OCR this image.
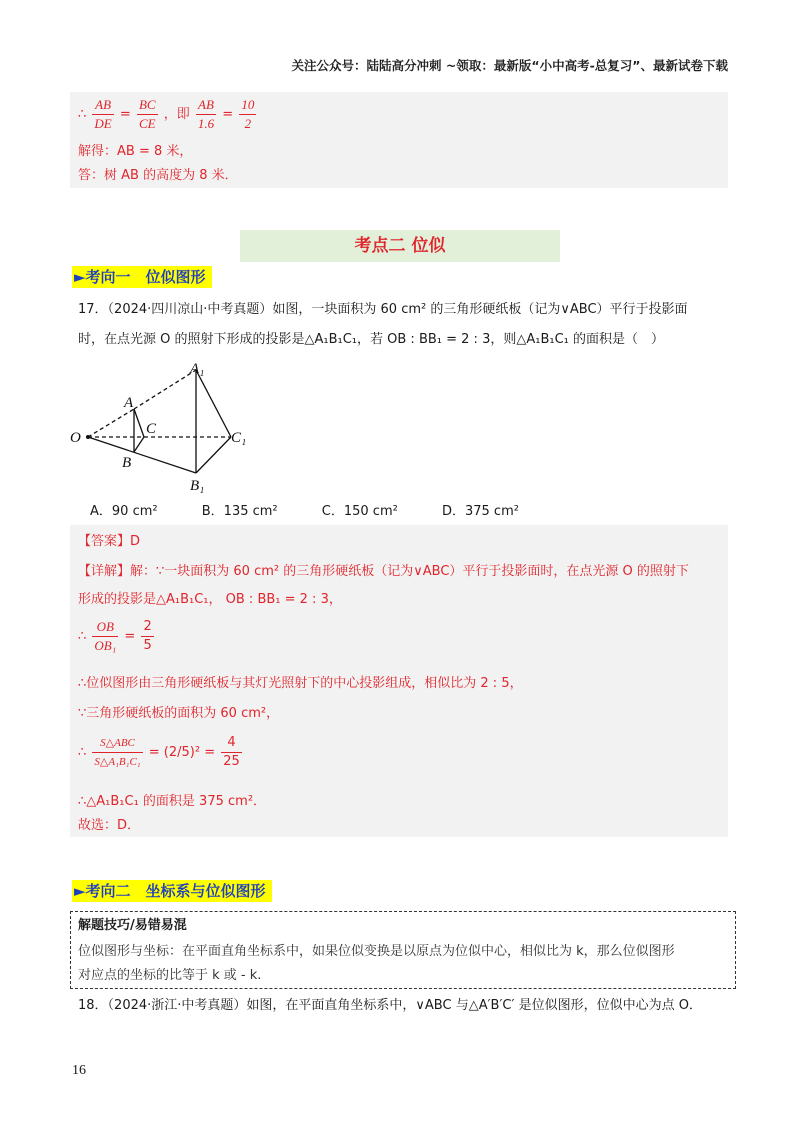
关注公众号：陆陆高分冲刺 ~领取：最新版“小中高考-总复习”、最新试卷下载
∴ $\frac{AB}{DE} = \frac{BC}{CE}$ ，即 $\frac{AB}{1.6} = \frac{10}{2}$
解得：AB = 8 米，
答：树 AB 的高度为 8 米．
考点二 位似
►考向一　位似图形
17．（2024·四川凉山·中考真题）如图，一块面积为 60 cm² 的三角形硬纸板（记为∨ABC）平行于投影面
时，在点光源 O 的照射下形成的投影是△A₁B₁C₁，若 OB : BB₁ = 2 : 3，则△A₁B₁C₁ 的面积是（　）
O
A
C
B
A₁
C₁
B₁
A．90 cm²	B．135 cm²	C．150 cm²	D．375 cm²
【答案】D
【详解】解：∵一块面积为 60 cm² 的三角形硬纸板（记为∨ABC）平行于投影面时，在点光源 O 的照射下
形成的投影是△A₁B₁C₁， OB : BB₁ = 2 : 3，
∴ $\frac{OB}{\text{OB₁}} = \frac{2}{5}$
∴位似图形由三角形硬纸板与其灯光照射下的中心投影组成，相似比为 2 : 5，
∵三角形硬纸板的面积为 60 cm²，
∴ $\frac{\text{S△ABC}}{\text{S△A₁B₁C₁}} = (2/5)^2 = \frac{4}{25}$
∴△A₁B₁C₁ 的面积是 375 cm²．
故选：D．
►考向二　坐标系与位似图形
解题技巧/易错易混
位似图形与坐标：在平面直角坐标系中，如果位似变换是以原点为位似中心，相似比为 k，那么位似图形
对应点的坐标的比等于 k 或 - k.
18．（2024·浙江·中考真题）如图，在平面直角坐标系中，∨ABC 与△A′B′C′ 是位似图形，位似中心为点 O．
16
